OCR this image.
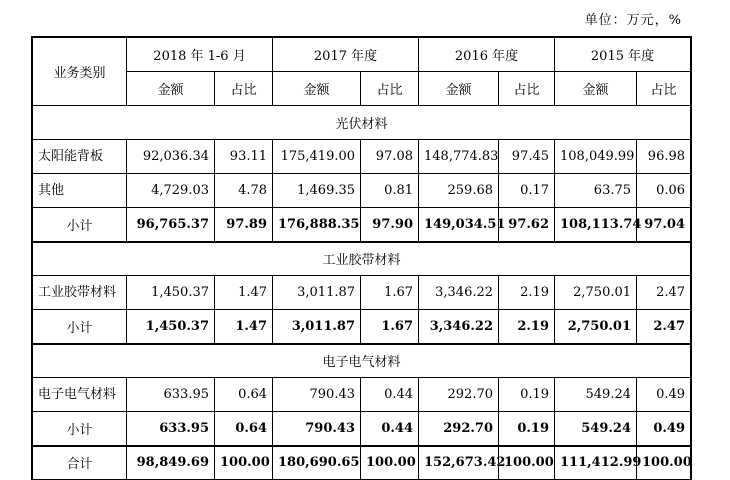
单位：万元，%
业务类别	2018 年 1-6 月		2017 年度		2016 年度		2015 年度	
	金额	占比	金额	占比	金额	占比	金额	占比
光伏材料								
太阳能背板	92,036.34	93.11	175,419.00	97.08	148,774.83	97.45	108,049.99	96.98
其他	4,729.03	4.78	1,469.35	0.81	259.68	0.17	63.75	0.06
小计	96,765.37	97.89	176,888.35	97.90	149,034.51	97.62	108,113.74	97.04
工业胶带材料								
工业胶带材料	1,450.37	1.47	3,011.87	1.67	3,346.22	2.19	2,750.01	2.47
小计	1,450.37	1.47	3,011.87	1.67	3,346.22	2.19	2,750.01	2.47
电子电气材料								
电子电气材料	633.95	0.64	790.43	0.44	292.70	0.19	549.24	0.49
小计	633.95	0.64	790.43	0.44	292.70	0.19	549.24	0.49
合计	98,849.69	100.00	180,690.65	100.00	152,673.42	100.00	111,412.99	100.00
